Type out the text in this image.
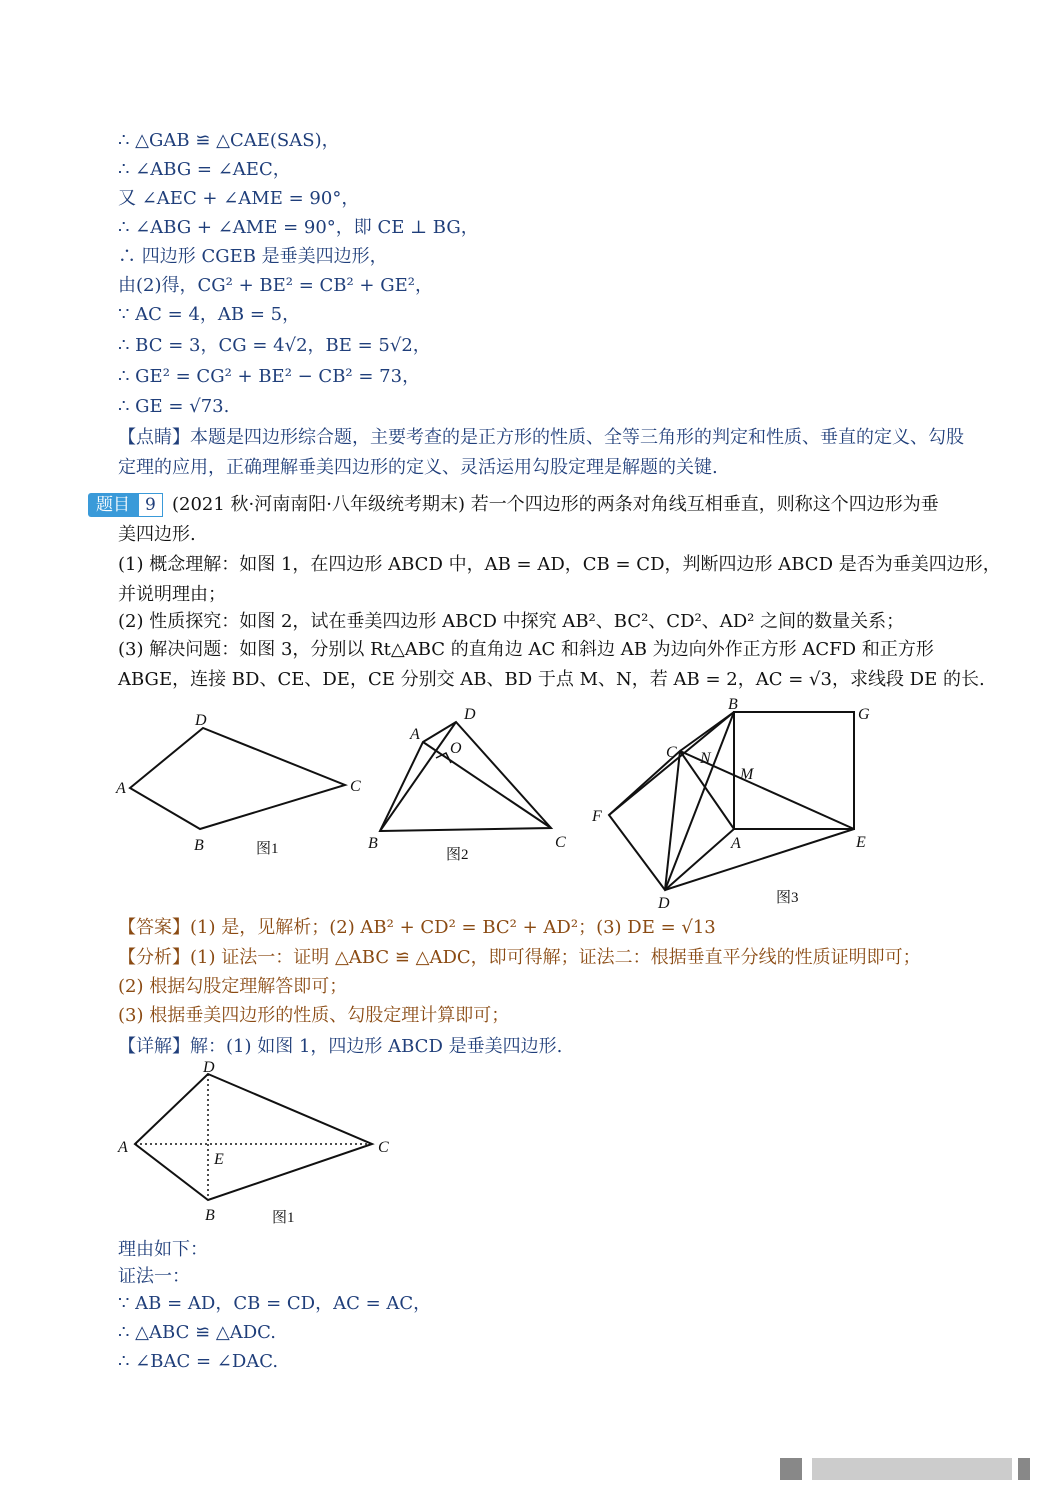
∴ △GAB ≌ △CAE(SAS)，
∴ ∠ABG = ∠AEC，
又 ∠AEC + ∠AME = 90°，
∴ ∠ABG + ∠AME = 90°，即 CE ⊥ BG，
∴ 四边形 CGEB 是垂美四边形，
由(2)得，CG² + BE² = CB² + GE²，
∵ AC = 4，AB = 5，
∴ BC = 3，CG = 4√2，BE = 5√2，
∴ GE² = CG² + BE² − CB² = 73，
∴ GE = √73.
【点睛】本题是四边形综合题，主要考查的是正方形的性质、全等三角形的判定和性质、垂直的定义、勾股
定理的应用，正确理解垂美四边形的定义、灵活运用勾股定理是解题的关键.
题目 9 (2021 秋·河南南阳·八年级统考期末) 若一个四边形的两条对角线互相垂直，则称这个四边形为垂
美四边形.
(1) 概念理解：如图 1，在四边形 ABCD 中，AB = AD，CB = CD，判断四边形 ABCD 是否为垂美四边形，
并说明理由；
(2) 性质探究：如图 2，试在垂美四边形 ABCD 中探究 AB²、BC²、CD²、AD² 之间的数量关系；
(3) 解决问题：如图 3，分别以 Rt△ABC 的直角边 AC 和斜边 AB 为边向外作正方形 ACFD 和正方形
ABGE，连接 BD、CE、DE，CE 分别交 AB、BD 于点 M、N，若 AB = 2，AC = √3，求线段 DE 的长.
A
D
C
B	图1
A
D
O
C
B
图2
B
G
C N
M
F
A	E
D	图3
【答案】(1) 是，见解析；(2) AB² + CD² = BC² + AD²；(3) DE = √13
【分析】(1) 证法一：证明 △ABC ≌ △ADC，即可得解；证法二：根据垂直平分线的性质证明即可；
(2) 根据勾股定理解答即可；
(3) 根据垂美四边形的性质、勾股定理计算即可；
【详解】解：(1) 如图 1，四边形 ABCD 是垂美四边形.
A
D
C
E
B	图1
理由如下：
证法一：
∵ AB = AD，CB = CD，AC = AC，
∴ △ABC ≌ △ADC.
∴ ∠BAC = ∠DAC.
